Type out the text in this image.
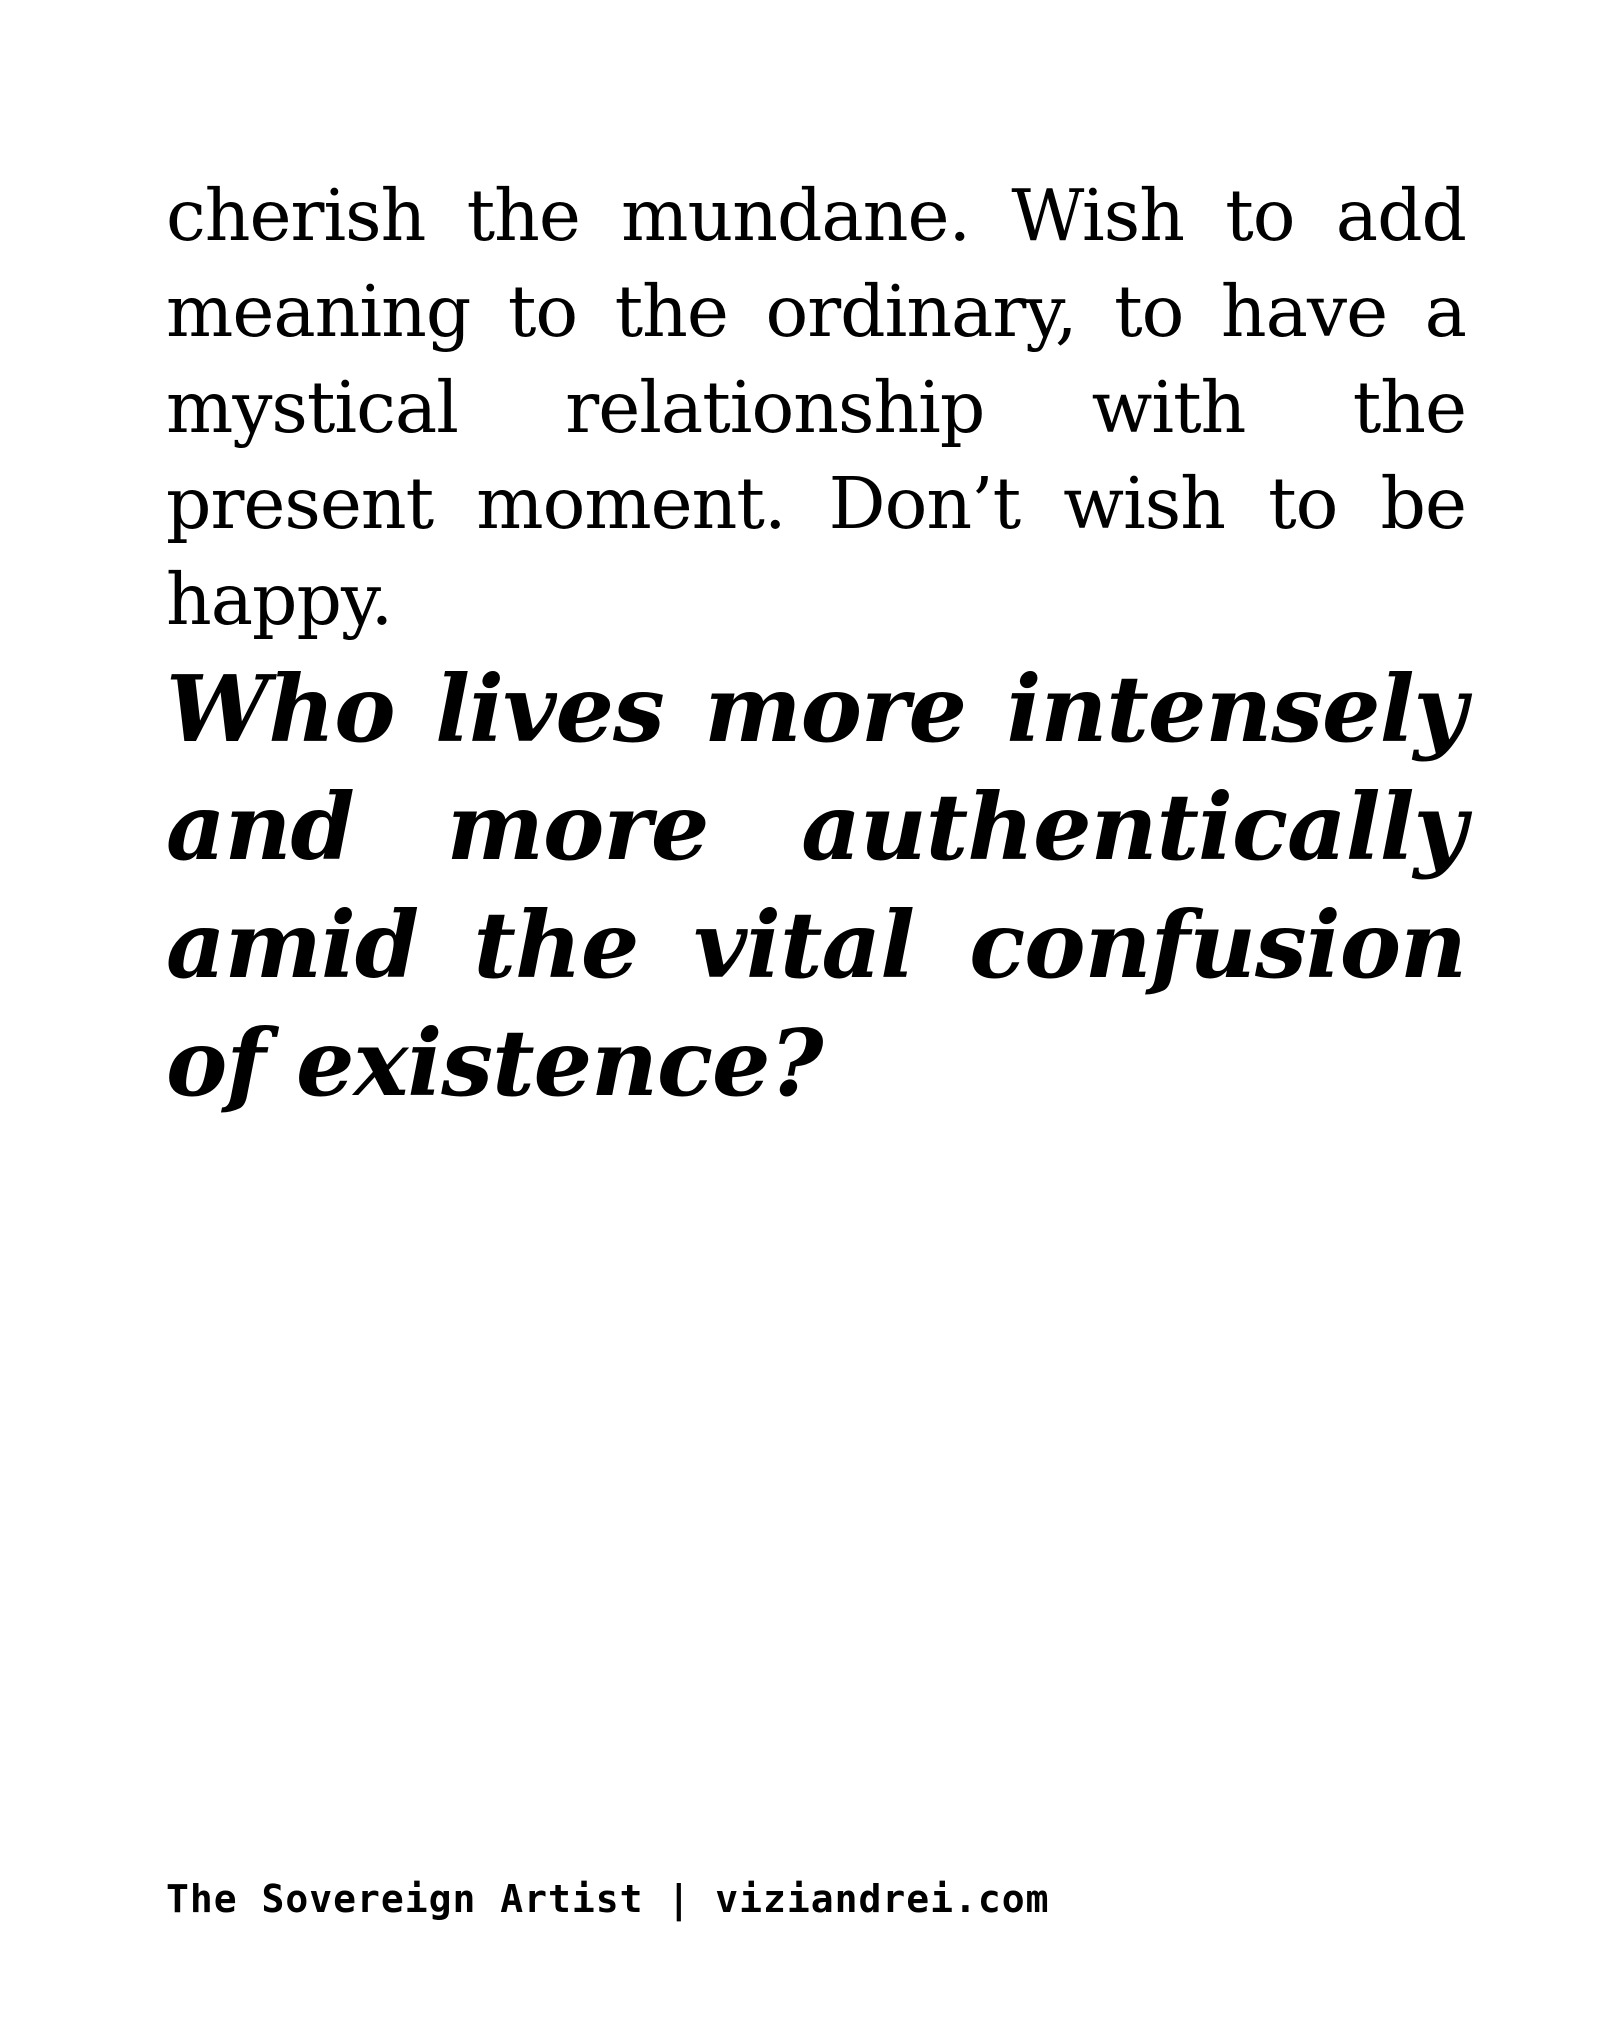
cherish the mundane. Wish to add meaning to the ordinary, to have a mystical relationship with the present moment. Don’t wish to be happy.

Who lives more intensely and more authentically amid the vital confusion of existence?

The Sovereign Artist | viziandrei.com
